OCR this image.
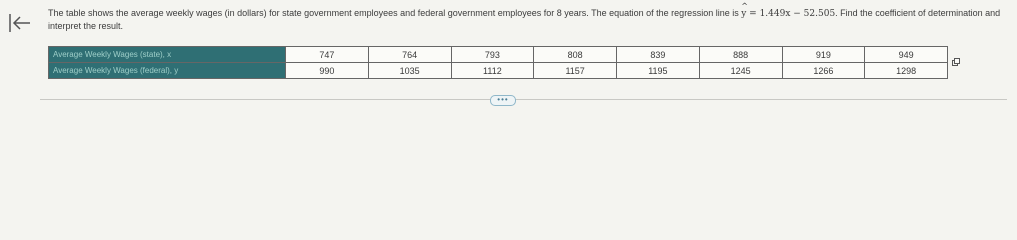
The table shows the average weekly wages (in dollars) for state government employees and federal government employees for 8 years. The equation of the regression line is ^ y = 1.449x − 52.505. Find the coefficient of determination and interpret the result.
Average Weekly Wages (state), x	747	764	793	808	839	888	919	949
Average Weekly Wages (federal), y	990	1035	1112	1157	1195	1245	1266	1298
•••
